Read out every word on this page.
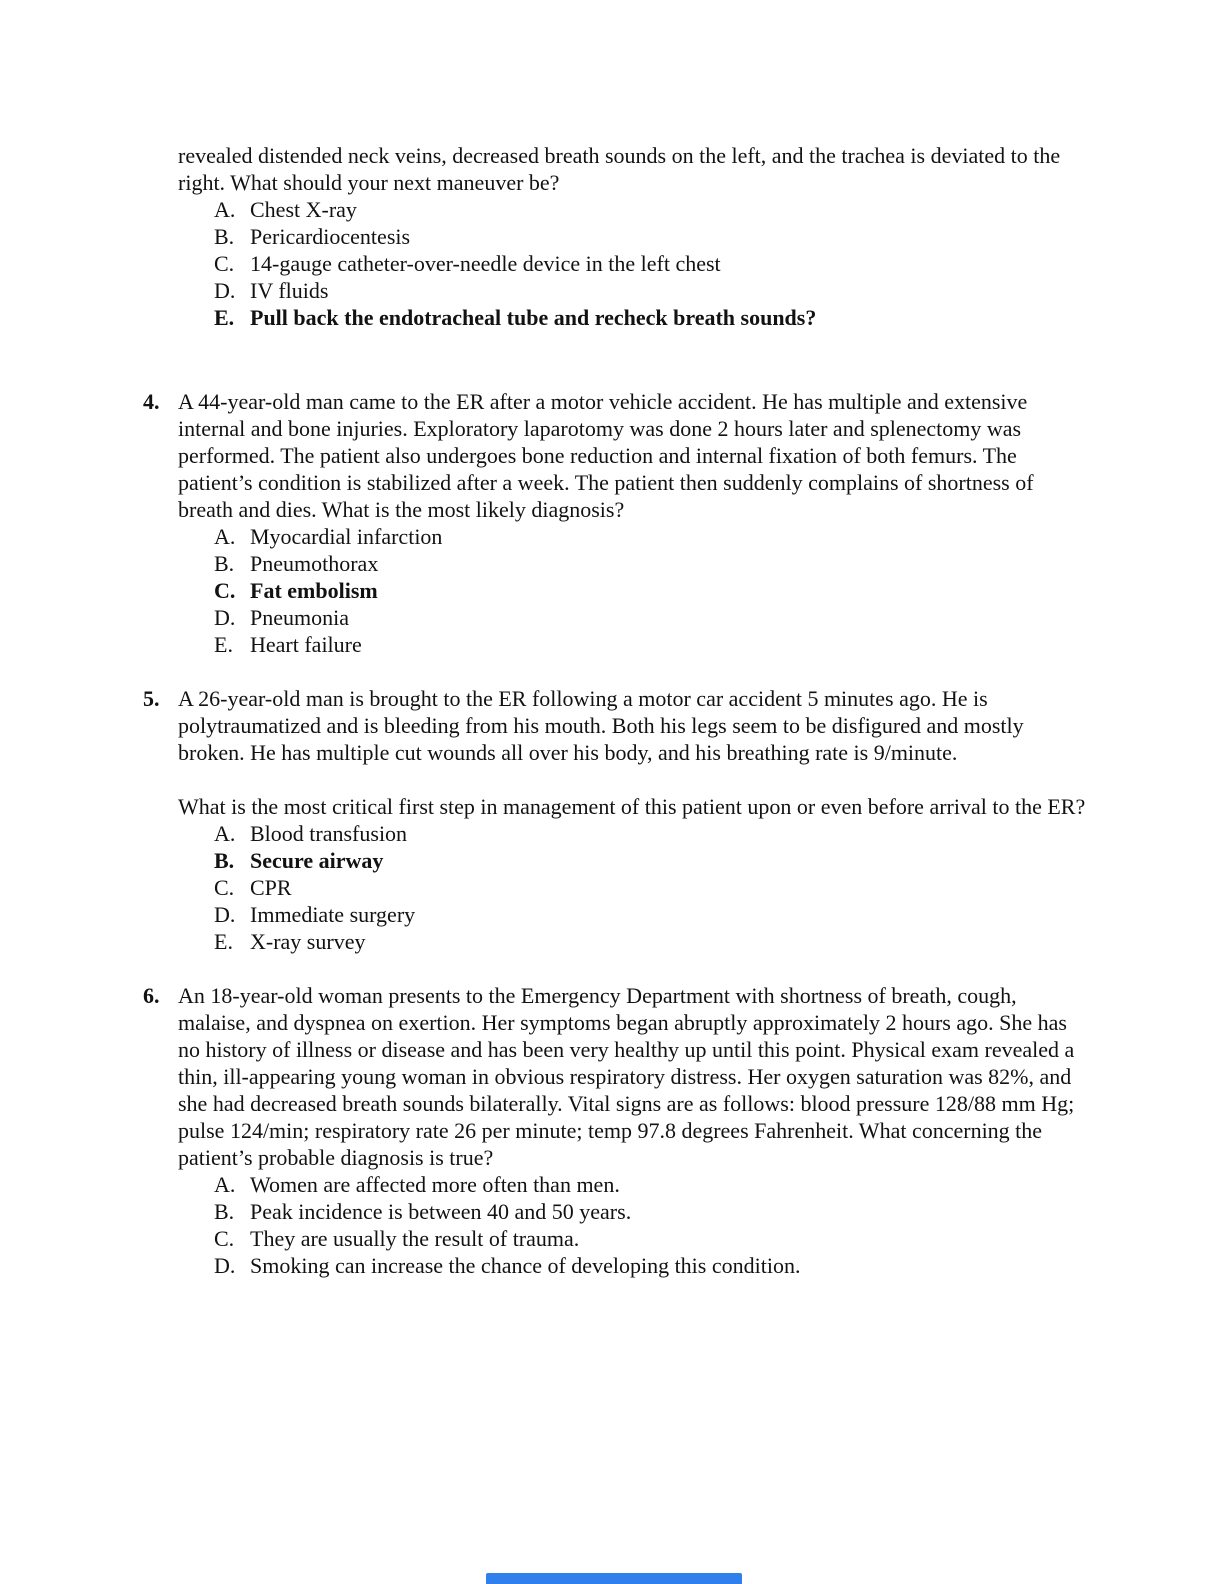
revealed distended neck veins, decreased breath sounds on the left, and the trachea is deviated to the right. What should your next maneuver be?

A. Chest X-ray
B. Pericardiocentesis
C. 14-gauge catheter-over-needle device in the left chest
D. IV fluids
E. Pull back the endotracheal tube and recheck breath sounds?
4. A 44-year-old man came to the ER after a motor vehicle accident. He has multiple and extensive internal and bone injuries. Exploratory laparotomy was done 2 hours later and splenectomy was performed. The patient also undergoes bone reduction and internal fixation of both femurs. The patient’s condition is stabilized after a week. The patient then suddenly complains of shortness of breath and dies. What is the most likely diagnosis?

A. Myocardial infarction
B. Pneumothorax
C. Fat embolism
D. Pneumonia
E. Heart failure
5. A 26-year-old man is brought to the ER following a motor car accident 5 minutes ago. He is polytraumatized and is bleeding from his mouth. Both his legs seem to be disfigured and mostly broken. He has multiple cut wounds all over his body, and his breathing rate is 9/minute.

What is the most critical first step in management of this patient upon or even before arrival to the ER?

A. Blood transfusion
B. Secure airway
C. CPR
D. Immediate surgery
E. X-ray survey
6. An 18-year-old woman presents to the Emergency Department with shortness of breath, cough, malaise, and dyspnea on exertion. Her symptoms began abruptly approximately 2 hours ago. She has no history of illness or disease and has been very healthy up until this point. Physical exam revealed a thin, ill-appearing young woman in obvious respiratory distress. Her oxygen saturation was 82%, and she had decreased breath sounds bilaterally. Vital signs are as follows: blood pressure 128/88 mm Hg; pulse 124/min; respiratory rate 26 per minute; temp 97.8 degrees Fahrenheit. What concerning the patient’s probable diagnosis is true?

A. Women are affected more often than men.
B. Peak incidence is between 40 and 50 years.
C. They are usually the result of trauma.
D. Smoking can increase the chance of developing this condition.
